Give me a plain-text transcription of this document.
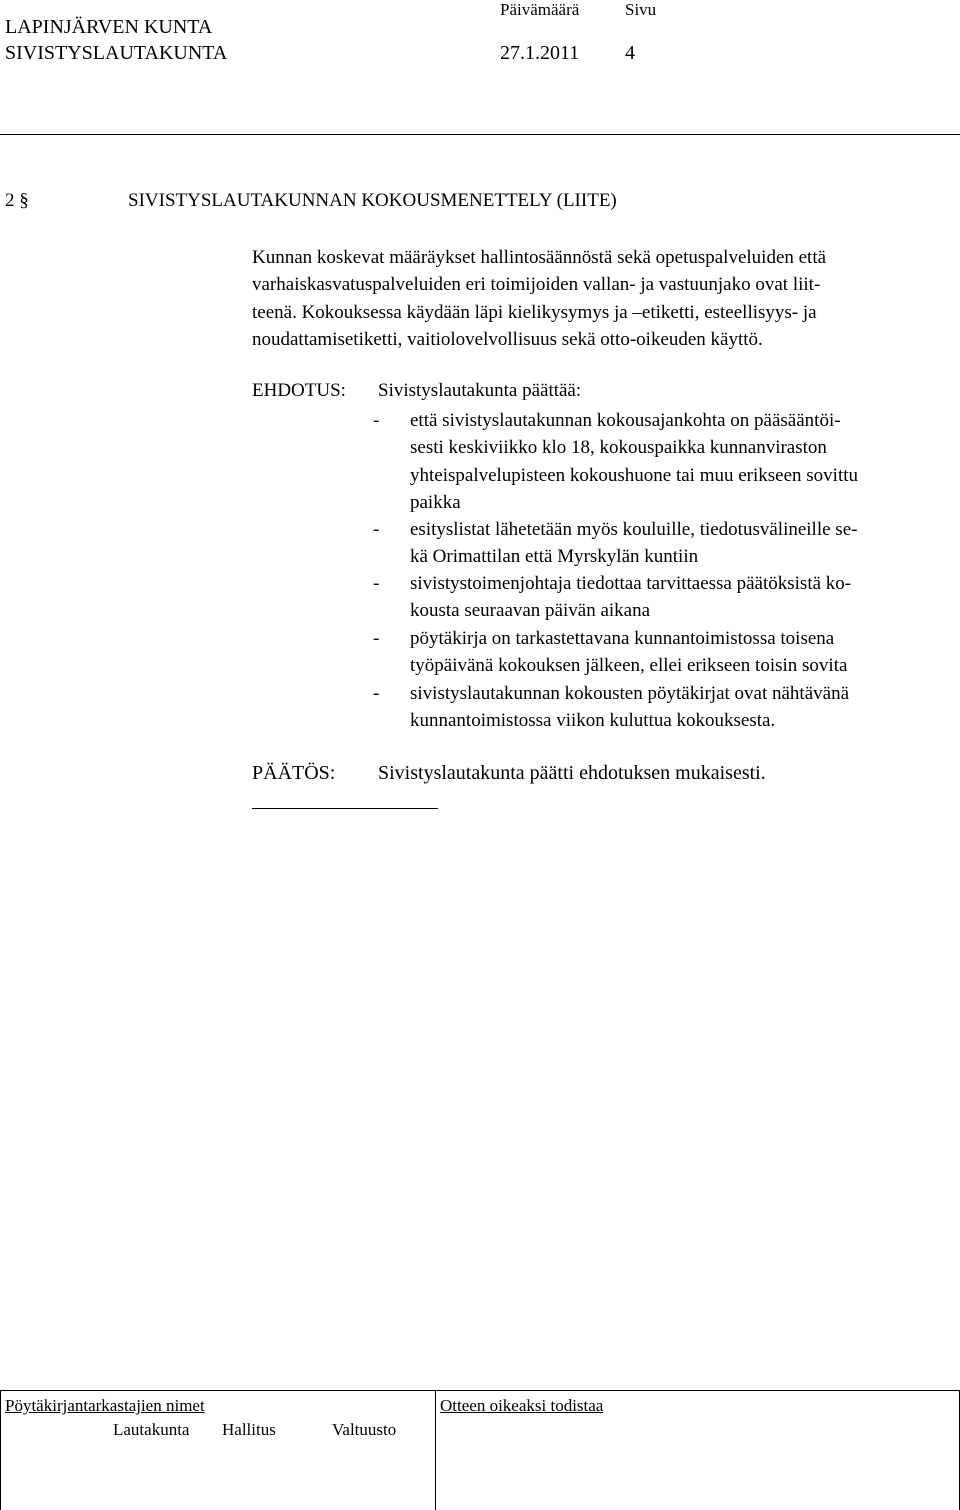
LAPINJÄRVEN KUNTA
SIVISTYSLAUTAKUNTA
Päivämäärä	Sivu
27.1.2011 4
2 §	SIVISTYSLAUTAKUNNAN KOKOUSMENETTELY (LIITE)
Kunnan koskevat määräykset hallintosäännöstä sekä opetuspalveluiden että
varhaiskasvatuspalveluiden eri toimijoiden vallan- ja vastuunjako ovat liit-
teenä. Kokouksessa käydään läpi kielikysymys ja –etiketti, esteellisyys- ja
noudattamisetiketti, vaitiolovelvollisuus sekä otto-oikeuden käyttö.
EHDOTUS: Sivistyslautakunta päättää:
- että sivistyslautakunnan kokousajankohta on pääsääntöi-
sesti keskiviikko klo 18, kokouspaikka kunnanviraston
yhteispalvelupisteen kokoushuone tai muu erikseen sovittu
paikka
- esityslistat lähetetään myös kouluille, tiedotusvälineille se-
kä Orimattilan että Myrskylän kuntiin
- sivistystoimenjohtaja tiedottaa tarvittaessa päätöksistä ko-
kousta seuraavan päivän aikana
- pöytäkirja on tarkastettavana kunnantoimistossa toisena
työpäivänä kokouksen jälkeen, ellei erikseen toisin sovita
- sivistyslautakunnan kokousten pöytäkirjat ovat nähtävänä
kunnantoimistossa viikon kuluttua kokouksesta.
PÄÄTÖS: Sivistyslautakunta päätti ehdotuksen mukaisesti.
Pöytäkirjantarkastajien nimet	Otteen oikeaksi todistaa
Lautakunta Hallitus	Valtuusto
